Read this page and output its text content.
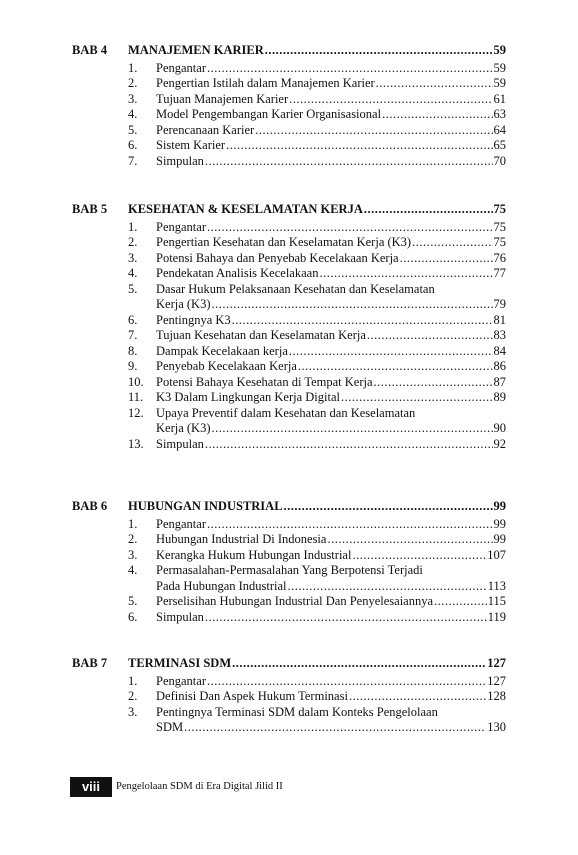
BAB 4 MANAJEMEN KARIER .....	59
1. Pengantar .....	59
2. Pengertian Istilah dalam Manajemen Karier .....	59
3. Tujuan Manajemen Karier .....	61
4. Model Pengembangan Karier Organisasional .....	63
5. Perencanaan Karier .....	64
6. Sistem Karier .....	65
7. Simpulan .....	70
BAB 5 KESEHATAN & KESELAMATAN KERJA .....	75
1. Pengantar .....	75
2. Pengertian Kesehatan dan Keselamatan Kerja (K3) .....	75
3. Potensi Bahaya dan Penyebab Kecelakaan Kerja .....	76
4. Pendekatan Analisis Kecelakaan .....	77
5. Dasar Hukum Pelaksanaan Kesehatan dan Keselamatan
Kerja (K3) .....	79
6. Pentingnya K3 .....	81
7. Tujuan Kesehatan dan Keselamatan Kerja .....	83
8. Dampak Kecelakaan kerja .....	84
9. Penyebab Kecelakaan Kerja .....	86
10. Potensi Bahaya Kesehatan di Tempat Kerja .....	87
11. K3 Dalam Lingkungan Kerja Digital .....	89
12. Upaya Preventif dalam Kesehatan dan Keselamatan
Kerja (K3) .....	90
13. Simpulan .....	92
BAB 6 HUBUNGAN INDUSTRIAL .....	99
1. Pengantar .....	99
2. Hubungan Industrial Di Indonesia .....	99
3. Kerangka Hukum Hubungan Industrial .....	107
4. Permasalahan-Permasalahan Yang Berpotensi Terjadi
Pada Hubungan Industrial .....	113
5. Perselisihan Hubungan Industrial Dan Penyelesaiannya .....	115
6. Simpulan .....	119
BAB 7 TERMINASI SDM .....	127
1. Pengantar .....	127
2. Definisi Dan Aspek Hukum Terminasi .....	128
3. Pentingnya Terminasi SDM dalam Konteks Pengelolaan
SDM .....	130
viii	Pengelolaan SDM di Era Digital Jilid II
